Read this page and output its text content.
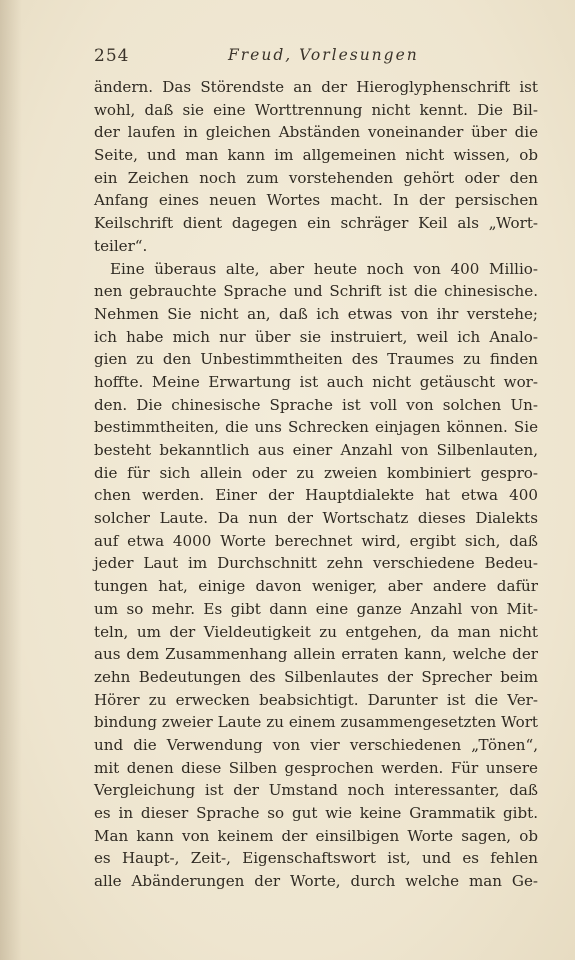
254	Freud, Vorlesungen
ändern. Das Störendste an der Hieroglyphenschrift ist
wohl, daß sie eine Worttrennung nicht kennt. Die Bil-
der laufen in gleichen Abständen voneinander über die
Seite, und man kann im allgemeinen nicht wissen, ob
ein Zeichen noch zum vorstehenden gehört oder den
Anfang eines neuen Wortes macht. In der persischen
Keilschrift dient dagegen ein schräger Keil als „Wort-
teiler“.
Eine überaus alte, aber heute noch von 400 Millio-
nen gebrauchte Sprache und Schrift ist die chinesische.
Nehmen Sie nicht an, daß ich etwas von ihr verstehe;
ich habe mich nur über sie instruiert, weil ich Analo-
gien zu den Unbestimmtheiten des Traumes zu finden
hoffte. Meine Erwartung ist auch nicht getäuscht wor-
den. Die chinesische Sprache ist voll von solchen Un-
bestimmtheiten, die uns Schrecken einjagen können. Sie
besteht bekanntlich aus einer Anzahl von Silbenlauten,
die für sich allein oder zu zweien kombiniert gespro-
chen werden. Einer der Hauptdialekte hat etwa 400
solcher Laute. Da nun der Wortschatz dieses Dialekts
auf etwa 4000 Worte berechnet wird, ergibt sich, daß
jeder Laut im Durchschnitt zehn verschiedene Bedeu-
tungen hat, einige davon weniger, aber andere dafür
um so mehr. Es gibt dann eine ganze Anzahl von Mit-
teln, um der Vieldeutigkeit zu entgehen, da man nicht
aus dem Zusammenhang allein erraten kann, welche der
zehn Bedeutungen des Silbenlautes der Sprecher beim
Hörer zu erwecken beabsichtigt. Darunter ist die Ver-
bindung zweier Laute zu einem zusammengesetzten Wort
und die Verwendung von vier verschiedenen „Tönen“,
mit denen diese Silben gesprochen werden. Für unsere
Vergleichung ist der Umstand noch interessanter, daß
es in dieser Sprache so gut wie keine Grammatik gibt.
Man kann von keinem der einsilbigen Worte sagen, ob
es Haupt-, Zeit-, Eigenschaftswort ist, und es fehlen
alle Abänderungen der Worte, durch welche man Ge-
